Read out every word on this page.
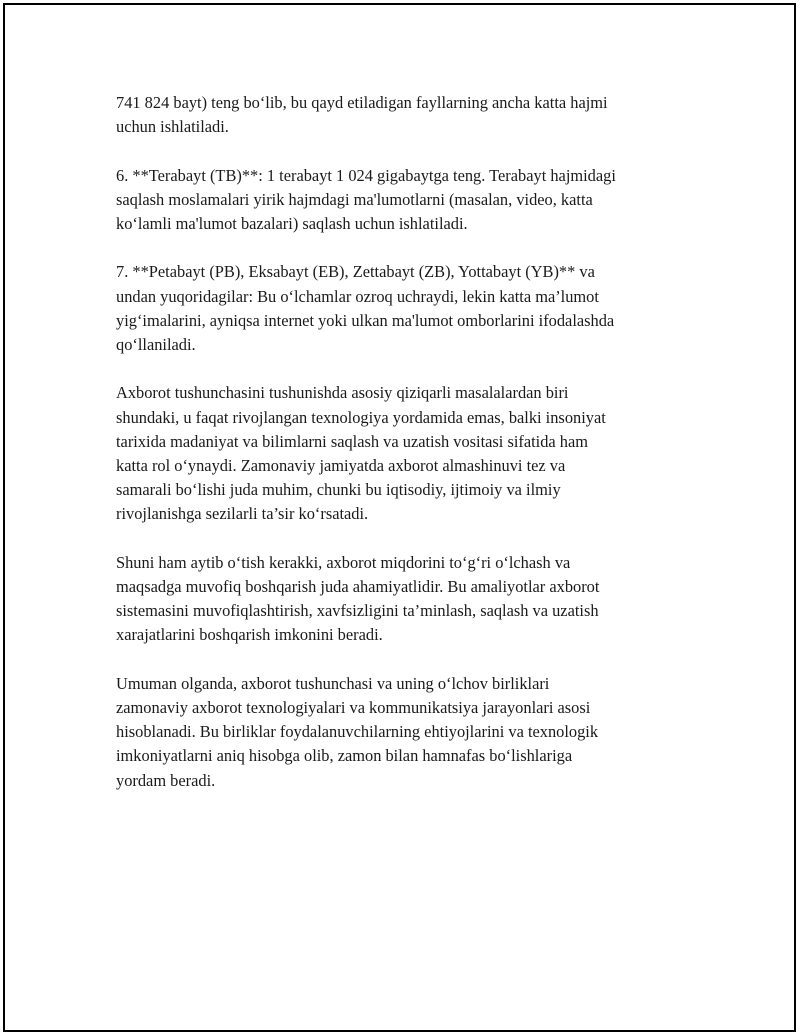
741 824 bayt) teng bo‘lib, bu qayd etiladigan fayllarning ancha katta hajmi
uchun ishlatiladi.

6. **Terabayt (TB)**: 1 terabayt 1 024 gigabaytga teng. Terabayt hajmidagi
saqlash moslamalari yirik hajmdagi ma'lumotlarni (masalan, video, katta
ko‘lamli ma'lumot bazalari) saqlash uchun ishlatiladi.

7. **Petabayt (PB), Eksabayt (EB), Zettabayt (ZB), Yottabayt (YB)** va
undan yuqoridagilar: Bu o‘lchamlar ozroq uchraydi, lekin katta ma’lumot
yig‘imalarini, ayniqsa internet yoki ulkan ma'lumot omborlarini ifodalashda
qo‘llaniladi.

Axborot tushunchasini tushunishda asosiy qiziqarli masalalardan biri
shundaki, u faqat rivojlangan texnologiya yordamida emas, balki insoniyat
tarixida madaniyat va bilimlarni saqlash va uzatish vositasi sifatida ham
katta rol o‘ynaydi. Zamonaviy jamiyatda axborot almashinuvi tez va
samarali bo‘lishi juda muhim, chunki bu iqtisodiy, ijtimoiy va ilmiy
rivojlanishga sezilarli ta’sir ko‘rsatadi.

Shuni ham aytib o‘tish kerakki, axborot miqdorini to‘g‘ri o‘lchash va
maqsadga muvofiq boshqarish juda ahamiyatlidir. Bu amaliyotlar axborot
sistemasini muvofiqlashtirish, xavfsizligini ta’minlash, saqlash va uzatish
xarajatlarini boshqarish imkonini beradi.

Umuman olganda, axborot tushunchasi va uning o‘lchov birliklari
zamonaviy axborot texnologiyalari va kommunikatsiya jarayonlari asosi
hisoblanadi. Bu birliklar foydalanuvchilarning ehtiyojlarini va texnologik
imkoniyatlarni aniq hisobga olib, zamon bilan hamnafas bo‘lishlariga
yordam beradi.
